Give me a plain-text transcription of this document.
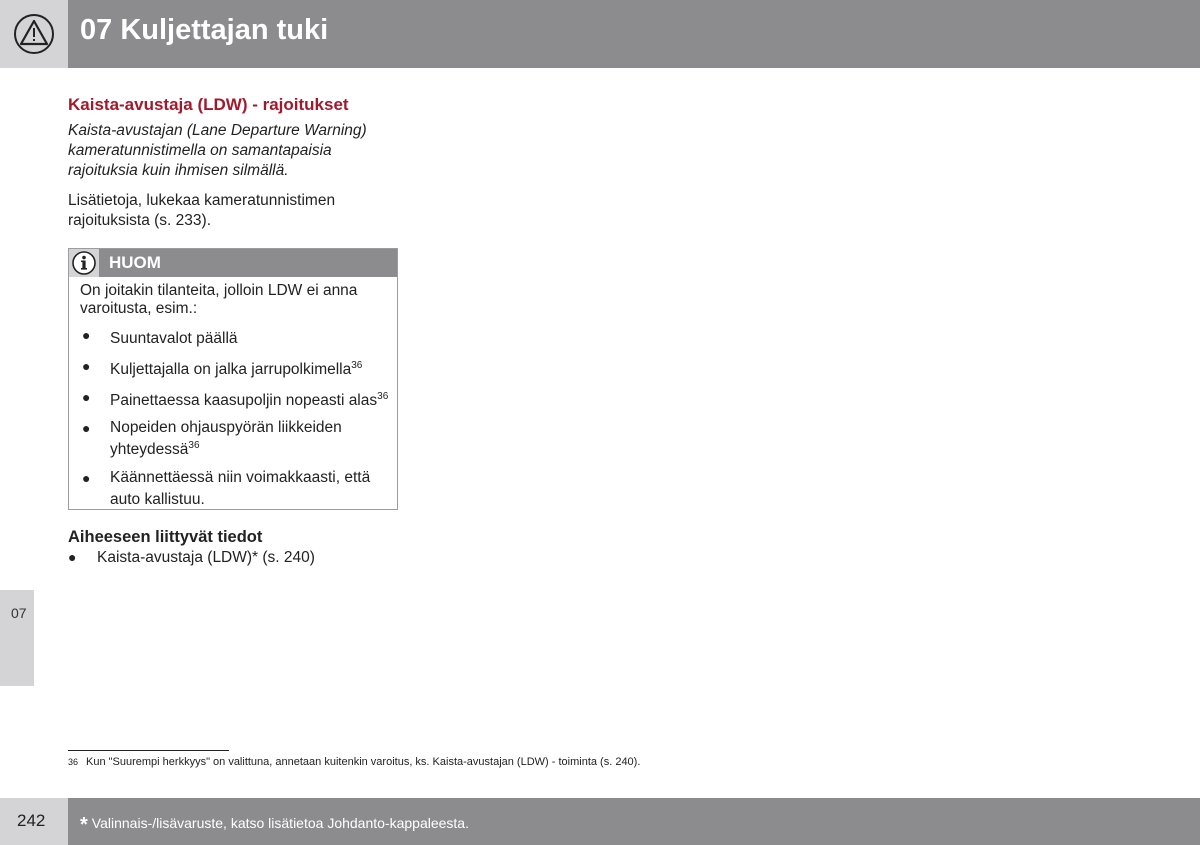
07 Kuljettajan tuki
07
Kaista-avustaja (LDW) - rajoitukset

Kaista-avustajan (Lane Departure Warning) kameratunnistimella on samantapaisia rajoituksia kuin ihmisen silmällä.

Lisätietoja, lukekaa kameratunnistimen rajoituksista (s. 233).

HUOM

On joitakin tilanteita, jolloin LDW ei anna varoitusta, esim.:

● Suuntavalot päällä
● Kuljettajalla on jalka jarrupolkimella$^{36}$
● Painettaessa kaasupoljin nopeasti alas$^{36}$
● Nopeiden ohjauspyörän liikkeiden yhteydessä$^{36}$
● Käännettäessä niin voimakkaasti, että auto kallistuu.
Aiheeseen liittyvät tiedot
● Kaista-avustaja (LDW)* (s. 240)
36 Kun "Suurempi herkkyys" on valittuna, annetaan kuitenkin varoitus, ks. Kaista-avustajan (LDW) - toiminta (s. 240).
242 * Valinnais-/lisävaruste, katso lisätietoa Johdanto-kappaleesta.
